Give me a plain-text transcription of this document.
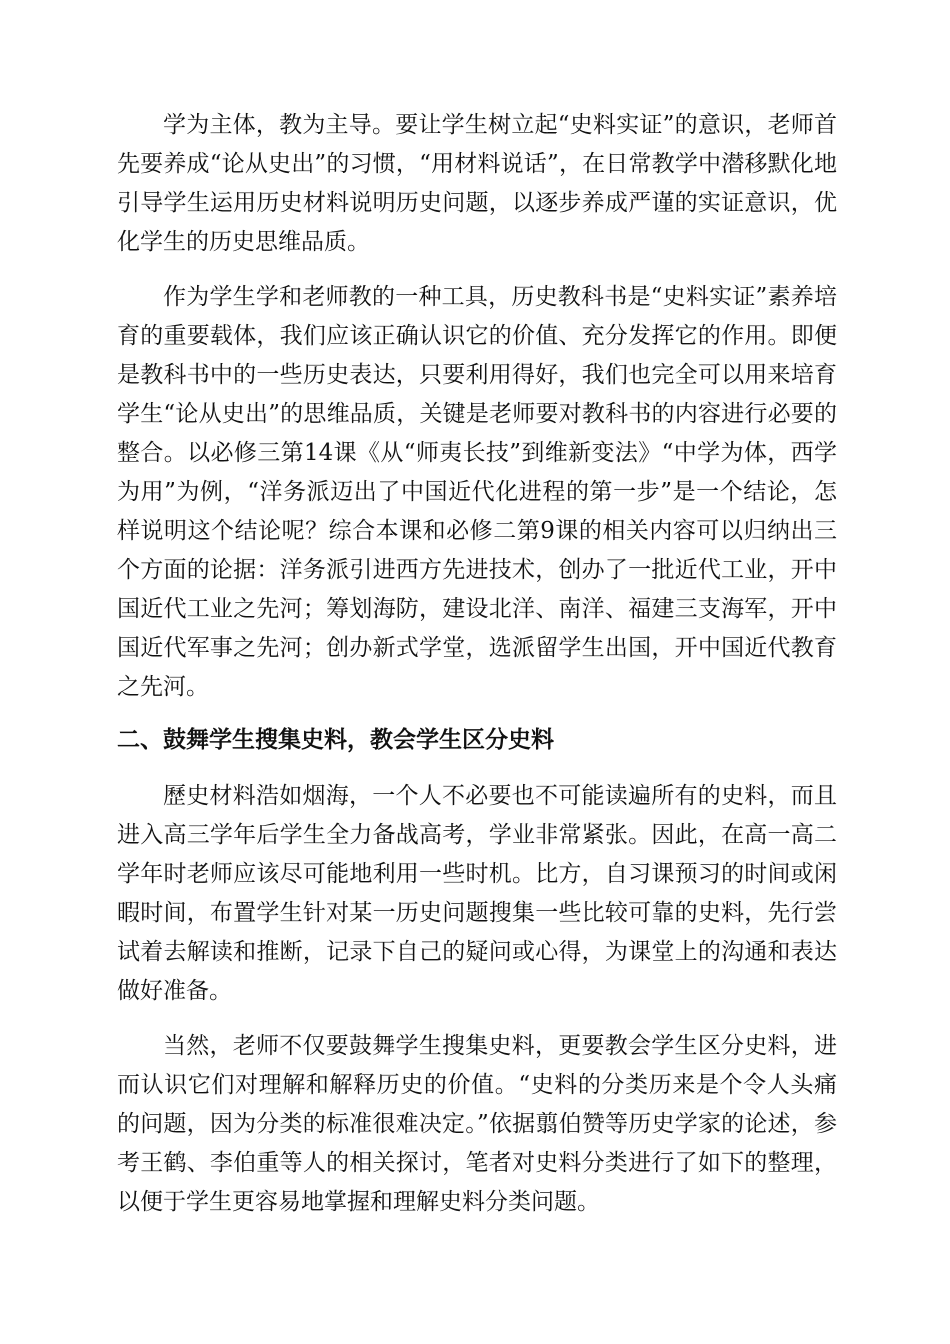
学为主体，教为主导。要让学生树立起“史料实证”的意识，老师首先要养成“论从史出”的习惯，“用材料说话”，在日常教学中潜移默化地引导学生运用历史材料说明历史问题，以逐步养成严谨的实证意识，优化学生的历史思维品质。

作为学生学和老师教的一种工具，历史教科书是“史料实证”素养培育的重要载体，我们应该正确认识它的价值、充分发挥它的作用。即便是教科书中的一些历史表达，只要利用得好，我们也完全可以用来培育学生“论从史出”的思维品质，关键是老师要对教科书的内容进行必要的整合。以必修三第14课《从“师夷长技”到维新变法》“中学为体，西学为用”为例，“洋务派迈出了中国近代化进程的第一步”是一个结论，怎样说明这个结论呢？综合本课和必修二第9课的相关内容可以归纳出三个方面的论据：洋务派引进西方先进技术，创办了一批近代工业，开中国近代工业之先河；筹划海防，建设北洋、南洋、福建三支海军，开中国近代军事之先河；创办新式学堂，选派留学生出国，开中国近代教育之先河。

二、鼓舞学生搜集史料，教会学生区分史料

歷史材料浩如烟海，一个人不必要也不可能读遍所有的史料，而且进入高三学年后学生全力备战高考，学业非常紧张。因此，在高一高二学年时老师应该尽可能地利用一些时机。比方，自习课预习的时间或闲暇时间，布置学生针对某一历史问题搜集一些比较可靠的史料，先行尝试着去解读和推断，记录下自己的疑问或心得，为课堂上的沟通和表达做好准备。

当然，老师不仅要鼓舞学生搜集史料，更要教会学生区分史料，进而认识它们对理解和解释历史的价值。“史料的分类历来是个令人头痛的问题，因为分类的标准很难决定。”依据翦伯赞等历史学家的论述，参考王鹤、李伯重等人的相关探讨，笔者对史料分类进行了如下的整理，以便于学生更容易地掌握和理解史料分类问题。
